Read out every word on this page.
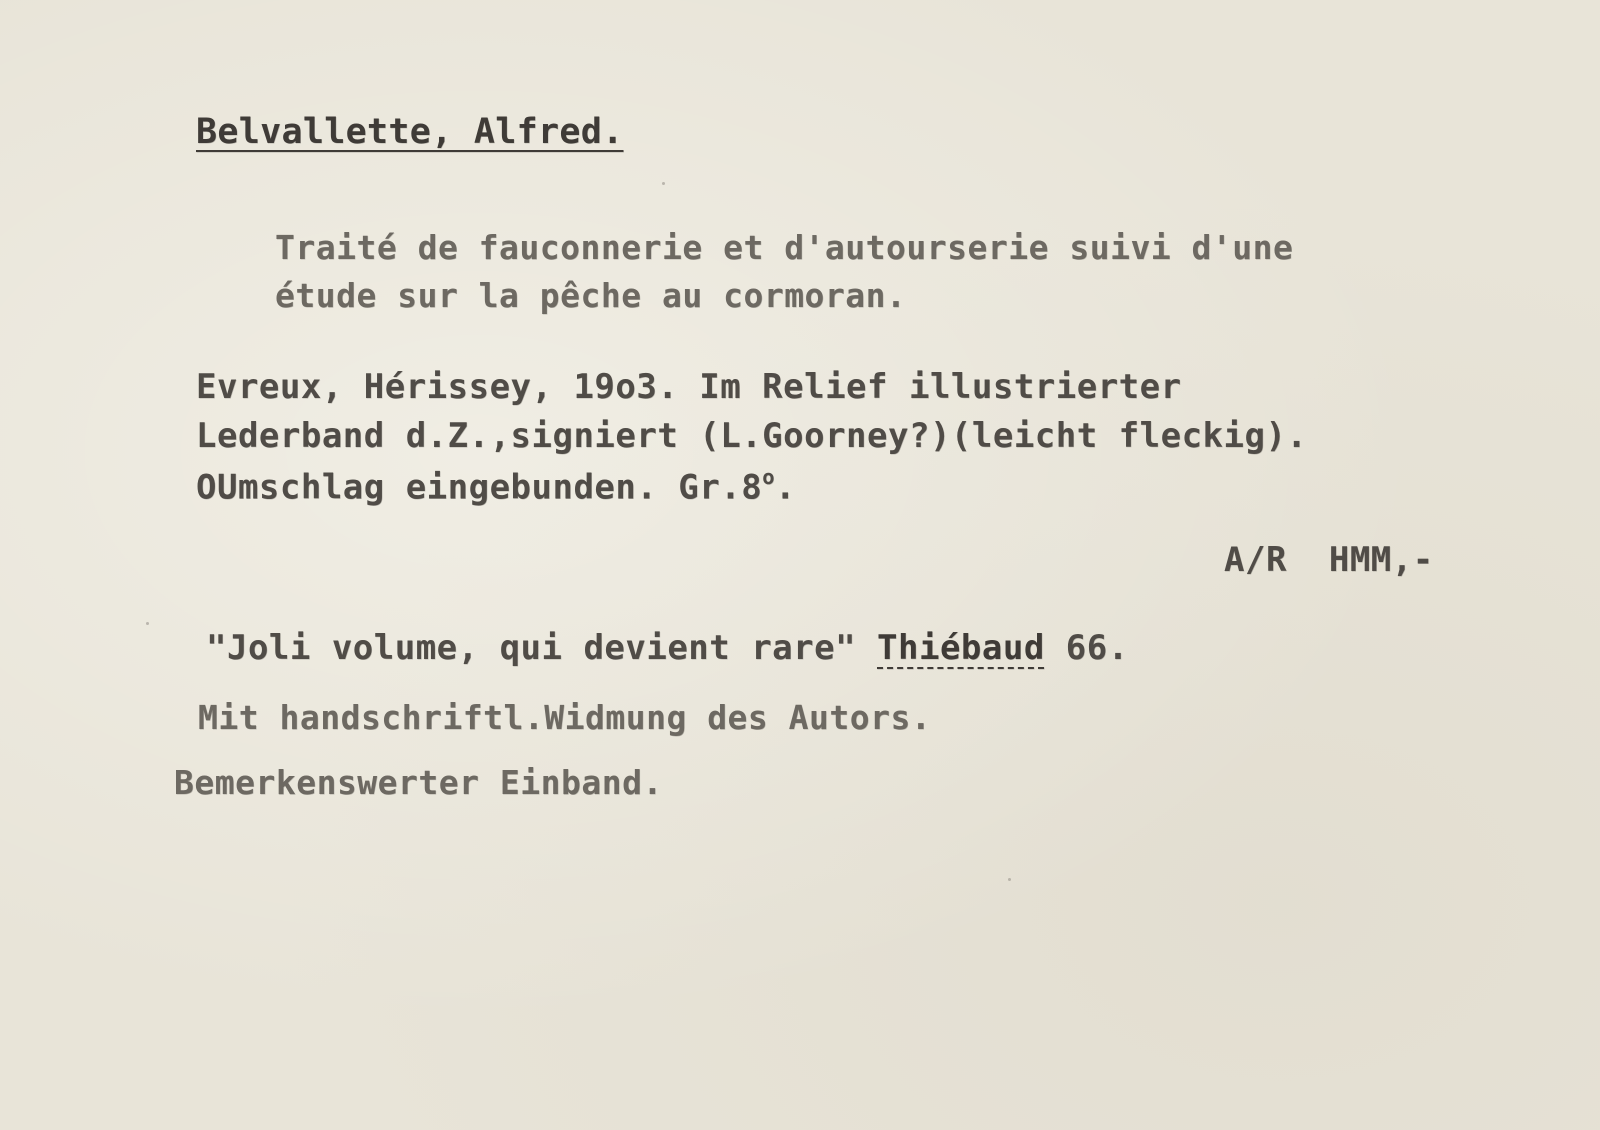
Belvallette, Alfred.
Traité de fauconnerie et d'autourserie suivi d'une
étude sur la pêche au cormoran.
Evreux, Hérissey, 19o3. Im Relief illustrierter
Lederband d.Z.,signiert (L.Goorney?)(leicht fleckig).
OUmschlag eingebunden. Gr.8$^o$.
A/R  HMM,-
"Joli volume, qui devient rare" Thiébaud 66.
Mit handschriftl.Widmung des Autors.
Bemerkenswerter Einband.
